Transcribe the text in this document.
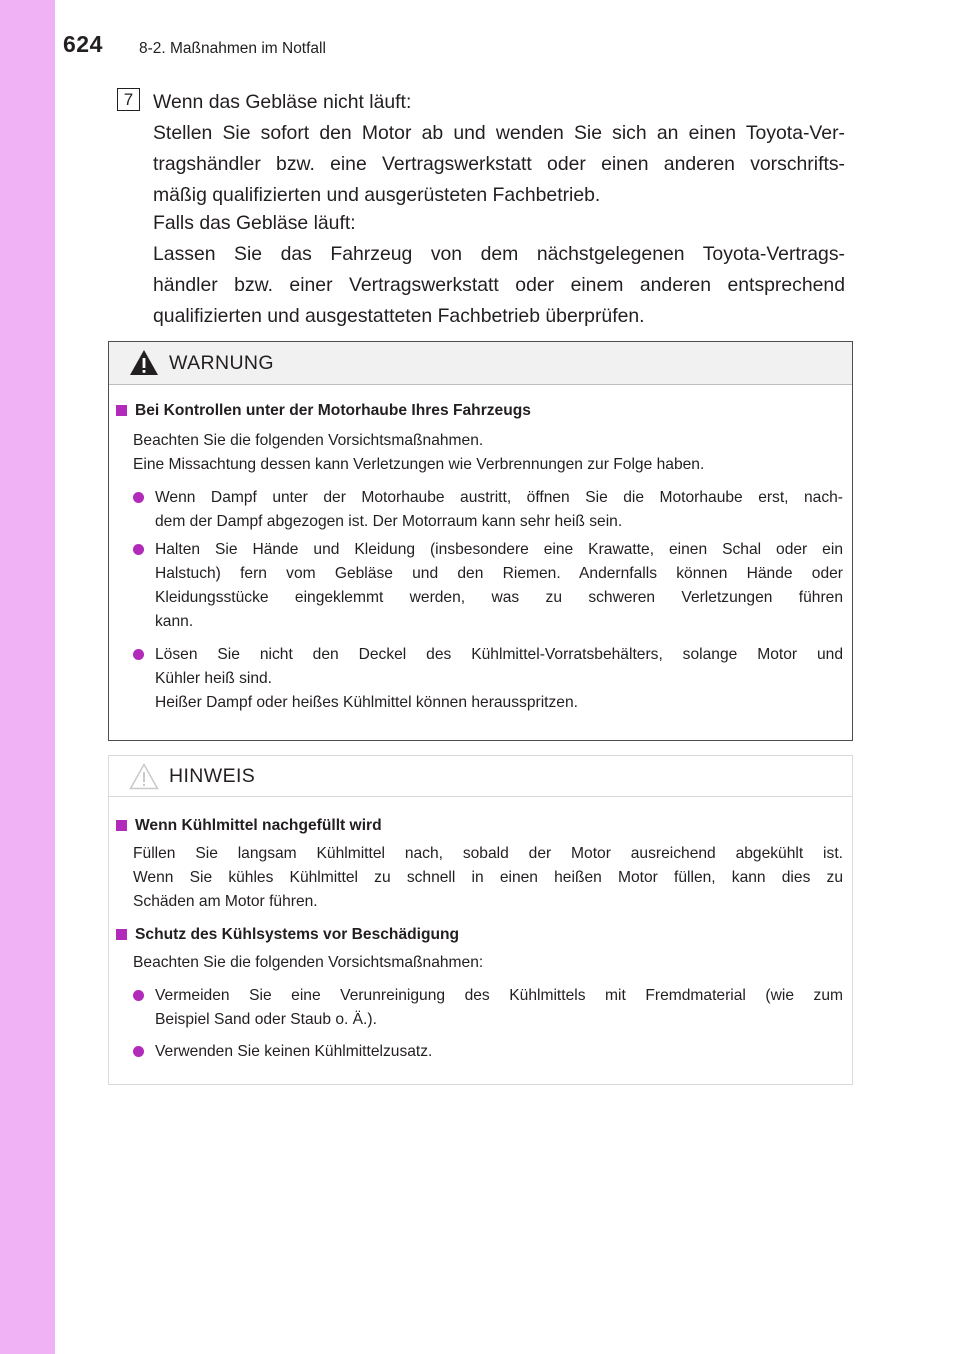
624 8-2. Maßnahmen im Notfall
7	Wenn das Gebläse nicht läuft:
Stellen Sie sofort den Motor ab und wenden Sie sich an einen Toyota-Ver-
tragshändler bzw. eine Vertragswerkstatt oder einen anderen vorschrifts-
mäßig qualifizierten und ausgerüsteten Fachbetrieb.
Falls das Gebläse läuft:
Lassen Sie das Fahrzeug von dem nächstgelegenen Toyota-Vertrags-
händler bzw. einer Vertragswerkstatt oder einem anderen entsprechend
qualifizierten und ausgestatteten Fachbetrieb überprüfen.
WARNUNG
Bei Kontrollen unter der Motorhaube Ihres Fahrzeugs
Beachten Sie die folgenden Vorsichtsmaßnahmen.
Eine Missachtung dessen kann Verletzungen wie Verbrennungen zur Folge haben.
Wenn Dampf unter der Motorhaube austritt, öffnen Sie die Motorhaube erst, nach-
dem der Dampf abgezogen ist. Der Motorraum kann sehr heiß sein.
Halten Sie Hände und Kleidung (insbesondere eine Krawatte, einen Schal oder ein
Halstuch) fern vom Gebläse und den Riemen. Andernfalls können Hände oder
Kleidungsstücke eingeklemmt werden, was zu schweren Verletzungen führen
kann.
Lösen Sie nicht den Deckel des Kühlmittel-Vorratsbehälters, solange Motor und
Kühler heiß sind.
Heißer Dampf oder heißes Kühlmittel können herausspritzen.
HINWEIS
Wenn Kühlmittel nachgefüllt wird
Füllen Sie langsam Kühlmittel nach, sobald der Motor ausreichend abgekühlt ist.
Wenn Sie kühles Kühlmittel zu schnell in einen heißen Motor füllen, kann dies zu
Schäden am Motor führen.
Schutz des Kühlsystems vor Beschädigung
Beachten Sie die folgenden Vorsichtsmaßnahmen:
Vermeiden Sie eine Verunreinigung des Kühlmittels mit Fremdmaterial (wie zum
Beispiel Sand oder Staub o. Ä.).
Verwenden Sie keinen Kühlmittelzusatz.
